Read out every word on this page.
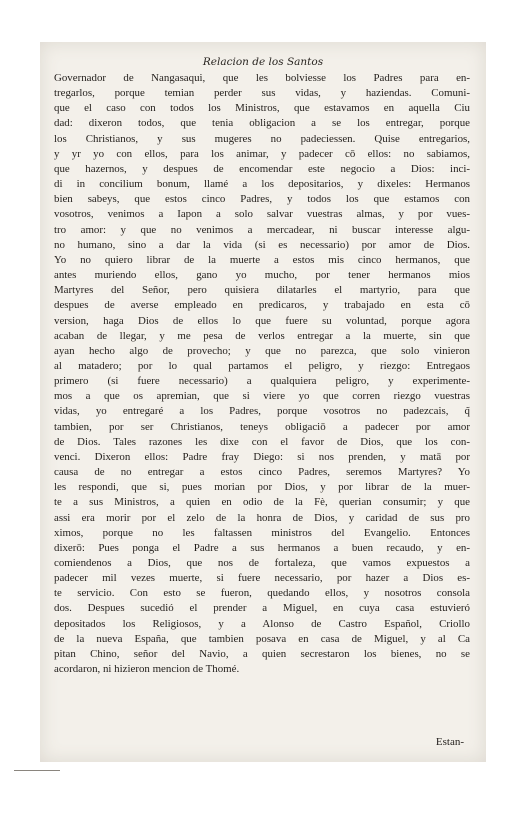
Relacion de los Santos
Governador de Nangasaqui, que les bolviesse los Padres para en-
tregarlos, porque temian perder sus vidas, y haziendas. Comuni-
que el caso con todos los Ministros, que estavamos en aquella Ciu
dad: dixeron todos, que tenia obligacion a se los entregar, porque
los Christianos, y sus mugeres no padeciessen. Quise entregarios,
y yr yo con ellos, para los animar, y padecer cō ellos: no sabiamos,
que hazernos, y despues de encomendar este negocio a Dios: inci-
di in concilium bonum, llamé a los depositarios, y dixeles: Hermanos
bien sabeys, que estos cinco Padres, y todos los que estamos con
vosotros, venimos a Iapon a solo salvar vuestras almas, y por vues-
tro amor: y que no venimos a mercadear, ni buscar interesse algu-
no humano, sino a dar la vida (si es necessario) por amor de Dios.
Yo no quiero librar de la muerte a estos mis cinco hermanos, que
antes muriendo ellos, gano yo mucho, por tener hermanos mios
Martyres del Señor, pero quisiera dilatarles el martyrio, para que
despues de averse empleado en predicaros, y trabajado en esta cō
version, haga Dios de ellos lo que fuere su voluntad, porque agora
acaban de llegar, y me pesa de verlos entregar a la muerte, sin que
ayan hecho algo de provecho; y que no parezca, que solo vinieron
al matadero; por lo qual partamos el peligro, y riezgo: Entregaos
primero (si fuere necessario) a qualquiera peligro, y experimente-
mos a que os apremian, que si viere yo que corren riezgo vuestras
vidas, yo entregaré a los Padres, porque vosotros no padezcais, q̃
tambien, por ser Christianos, teneys obligaciō a padecer por amor
de Dios. Tales razones les dixe con el favor de Dios, que los con-
venci. Dixeron ellos: Padre fray Diego: si nos prenden, y matā por
causa de no entregar a estos cinco Padres, seremos Martyres? Yo
les respondi, que si, pues morian por Dios, y por librar de la muer-
te a sus Ministros, a quien en odio de la Fè, querian consumir; y que
assi era morir por el zelo de la honra de Dios, y caridad de sus pro
ximos, porque no les faltassen ministros del Evangelio. Entonces
dixerō: Pues ponga el Padre a sus hermanos a buen recaudo, y en-
comiendenos a Dios, que nos de fortaleza, que vamos expuestos a
padecer mil vezes muerte, si fuere necessario, por hazer a Dios es-
te servicio. Con esto se fueron, quedando ellos, y nosotros consola
dos. Despues sucedió el prender a Miguel, en cuya casa estuvieró
depositados los Religiosos, y a Alonso de Castro Español, Criollo
de la nueva España, que tambien posava en casa de Miguel, y al Ca
pitan Chino, señor del Navio, a quien secrestaron los bienes, no se
acordaron, ni hizieron mencion de Thomé.
Estan-
